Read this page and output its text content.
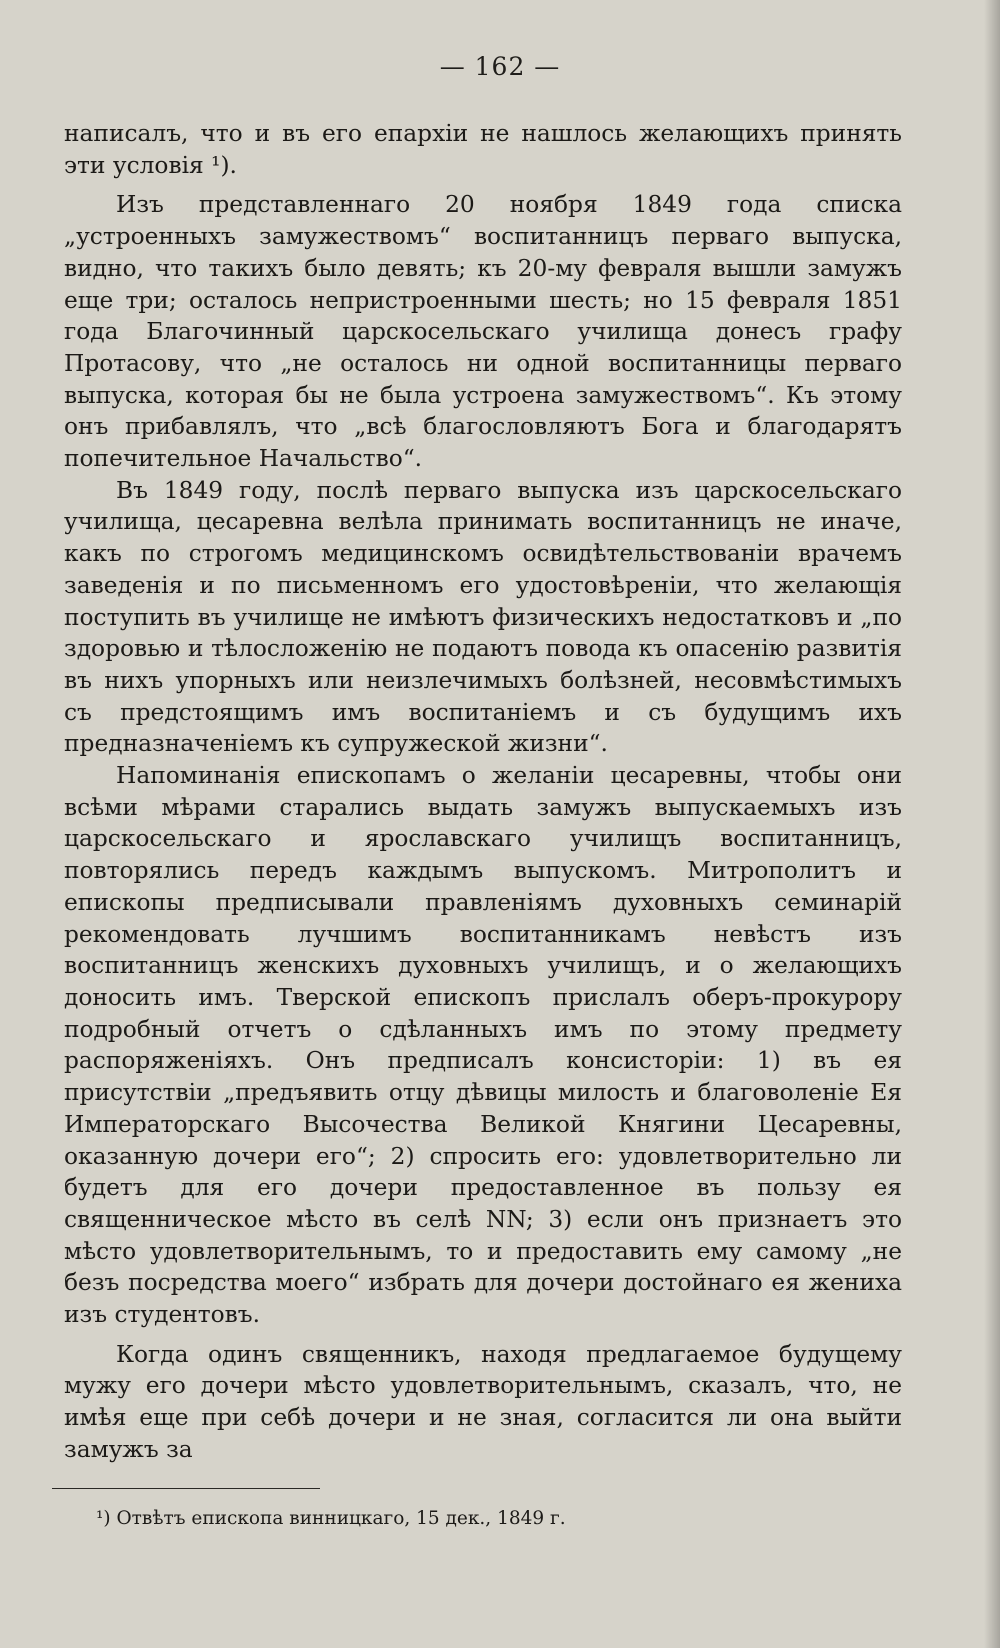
— 162 —

написалъ, что и въ его епархіи не нашлось желающихъ принять эти условія ¹).

Изъ представленнаго 20 ноября 1849 года списка „устроенныхъ замужествомъ“ воспитанницъ перваго выпуска, видно, что такихъ было девять; къ 20-му февраля вышли замужъ еще три; осталось непристроенными шесть; но 15 февраля 1851 года Благочинный царскосельскаго училища донесъ графу Протасову, что „не осталось ни одной воспитанницы перваго выпуска, которая бы не была устроена замужествомъ“. Къ этому онъ прибавлялъ, что „всѣ благословляютъ Бога и благодарятъ попечительное Начальство“.

Въ 1849 году, послѣ перваго выпуска изъ царскосельскаго училища, цесаревна велѣла принимать воспитанницъ не иначе, какъ по строгомъ медицинскомъ освидѣтельствованіи врачемъ заведенія и по письменномъ его удостовѣреніи, что желающія поступить въ училище не имѣютъ физическихъ недостатковъ и „по здоровью и тѣлосложенію не подаютъ повода къ опасенію развитія въ нихъ упорныхъ или неизлечимыхъ болѣзней, несовмѣстимыхъ съ предстоящимъ имъ воспитаніемъ и съ будущимъ ихъ предназначеніемъ къ супружеской жизни“.

Напоминанія епископамъ о желаніи цесаревны, чтобы они всѣми мѣрами старались выдать замужъ выпускаемыхъ изъ царскосельскаго и ярославскаго училищъ воспитанницъ, повторялись передъ каждымъ выпускомъ. Митрополитъ и епископы предписывали правленіямъ духовныхъ семинарій рекомендовать лучшимъ воспитанникамъ невѣстъ изъ воспитанницъ женскихъ духовныхъ училищъ, и о желающихъ доносить имъ. Тверской епископъ прислалъ оберъ-прокурору подробный отчетъ о сдѣланныхъ имъ по этому предмету распоряженіяхъ. Онъ предписалъ консисторіи: 1) въ ея присутствіи „предъявить отцу дѣвицы милость и благоволеніе Ея Императорскаго Высочества Великой Княгини Цесаревны, оказанную дочери его“; 2) спросить его: удовлетворительно ли будетъ для его дочери предоставленное въ пользу ея священническое мѣсто въ селѣ NN; 3) если онъ признаетъ это мѣсто удовлетворительнымъ, то и предоставить ему самому „не безъ посредства моего“ избрать для дочери достойнаго ея жениха изъ студентовъ.

Когда одинъ священникъ, находя предлагаемое будущему мужу его дочери мѣсто удовлетворительнымъ, сказалъ, что, не имѣя еще при себѣ дочери и не зная, согласится ли она выйти замужъ за

¹) Отвѣтъ епископа винницкаго, 15 дек., 1849 г.
